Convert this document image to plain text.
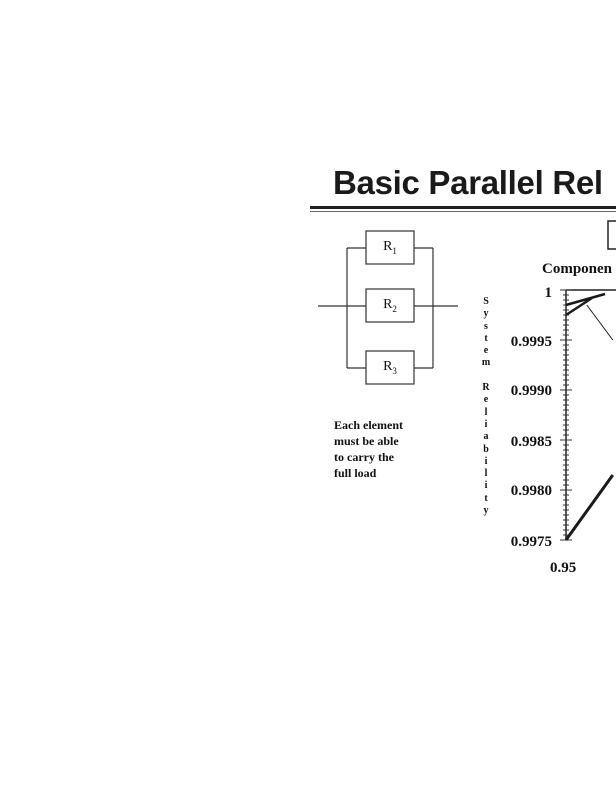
Basic Parallel Rel
$R_1$
$R_2$
$R_3$
Each element
must be able
to carry the
full load
Componen
S
y
s
t
e
m
R
e
l
i
a
b
i
l
i
t
y
1
0.9995
0.9990
0.9985
0.9980
0.9975
0.95
